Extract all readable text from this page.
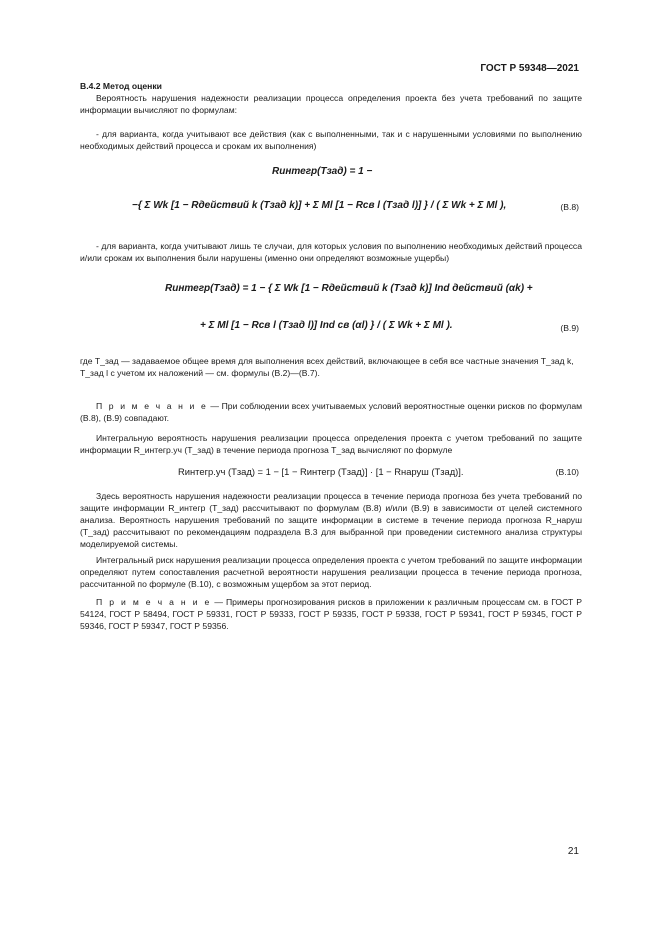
ГОСТ Р 59348—2021
В.4.2 Метод оценки
Вероятность нарушения надежности реализации процесса определения проекта без учета требований по защите информации вычисляют по формулам:
- для варианта, когда учитывают все действия (как с выполненными, так и с нарушенными условиями по выполнению необходимых действий процесса и срокам их выполнения)
Rинтегр(Tзад) = 1 −
−{ Σ Wk [1 − Rдействий k (Tзад k)] + Σ Ml [1 − Rсв l (Tзад l)] } / ( Σ Wk + Σ Ml ),	(В.8)
- для варианта, когда учитывают лишь те случаи, для которых условия по выполнению необходимых действий процесса и/или срокам их выполнения были нарушены (именно они определяют возможные ущербы)
Rинтегр(Tзад) = 1 − { Σ Wk [1 − Rдействий k (Tзад k)] Ind действий (αk) +
+ Σ Ml [1 − Rсв l (Tзад l)] Ind св (αl) } / ( Σ Wk + Σ Ml ).	(В.9)
где T_зад — задаваемое общее время для выполнения всех действий, включающее в себя все частные значения T_зад k, T_зад l с учетом их наложений — см. формулы (В.2)—(В.7).
П р и м е ч а н и е — При соблюдении всех учитываемых условий вероятностные оценки рисков по формулам (В.8), (В.9) совпадают.
Интегральную вероятность нарушения реализации процесса определения проекта с учетом требований по защите информации R_интегр.уч (T_зад) в течение периода прогноза T_зад вычисляют по формуле
Rинтегр.уч (Tзад) = 1 − [1 − Rинтегр (Tзад)] · [1 − Rнаруш (Tзад)].	(В.10)
Здесь вероятность нарушения надежности реализации процесса в течение периода прогноза без учета требований по защите информации R_интегр (T_зад) рассчитывают по формулам (В.8) и/или (В.9) в зависимости от целей системного анализа. Вероятность нарушения требований по защите информации в системе в течение периода прогноза R_наруш (T_зад) рассчитывают по рекомендациям подраздела В.3 для выбранной при проведении системного анализа структуры моделируемой системы.
Интегральный риск нарушения реализации процесса определения проекта с учетом требований по защите информации определяют путем сопоставления расчетной вероятности нарушения реализации процесса в течение периода прогноза, рассчитанной по формуле (В.10), с возможным ущербом за этот период.
П р и м е ч а н и е — Примеры прогнозирования рисков в приложении к различным процессам см. в ГОСТ Р 54124, ГОСТ Р 58494, ГОСТ Р 59331, ГОСТ Р 59333, ГОСТ Р 59335, ГОСТ Р 59338, ГОСТ Р 59341, ГОСТ Р 59345, ГОСТ Р 59346, ГОСТ Р 59347, ГОСТ Р 59356.
21
